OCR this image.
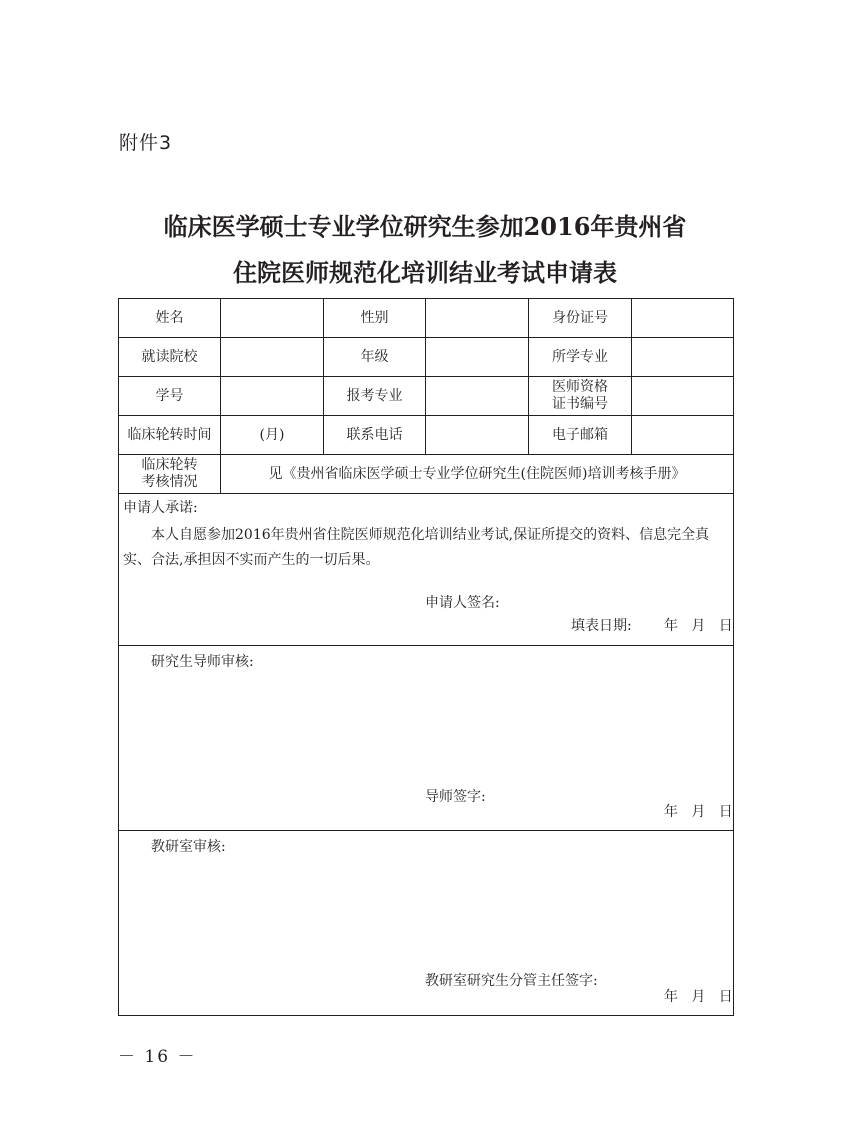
附件3
临床医学硕士专业学位研究生参加2016年贵州省
住院医师规范化培训结业考试申请表
姓名		性别		身份证号	
就读院校		年级		所学专业	
学号		报考专业		医师资格
证书编号	
临床轮转时间	(月)	联系电话		电子邮箱	
临床轮转
考核情况	见《贵州省临床医学硕士专业学位研究生(住院医师)培训考核手册》				

申请人承诺:
本人自愿参加2016年贵州省住院医师规范化培训结业考试,保证所提交的资料、信息完全真实、合法,承担因不实而产生的一切后果。
申请人签名:
填表日期: 年   月   日					

研究生导师审核:
导师签字:
年   月   日					

教研室审核:
教研室研究生分管主任签字:
年   月   日					
－ 16 －
